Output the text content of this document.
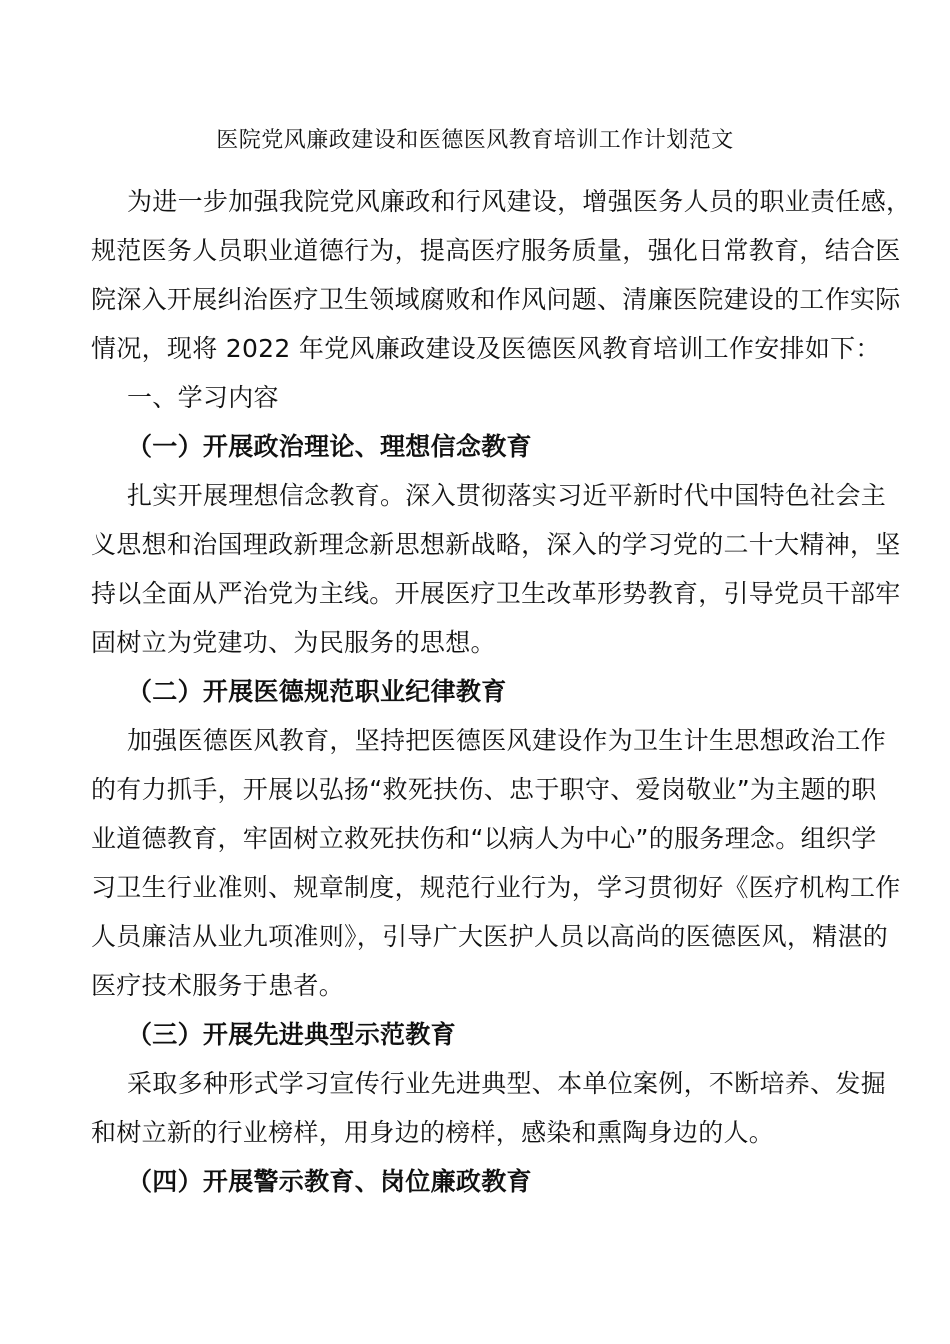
医院党风廉政建设和医德医风教育培训工作计划范文
为进一步加强我院党风廉政和行风建设，增强医务人员的职业责任感，
规范医务人员职业道德行为，提高医疗服务质量，强化日常教育，结合医
院深入开展纠治医疗卫生领域腐败和作风问题、清廉医院建设的工作实际
情况，现将 2022 年党风廉政建设及医德医风教育培训工作安排如下：
一、学习内容
（一）开展政治理论、理想信念教育
扎实开展理想信念教育。深入贯彻落实习近平新时代中国特色社会主
义思想和治国理政新理念新思想新战略，深入的学习党的二十大精神，坚
持以全面从严治党为主线。开展医疗卫生改革形势教育，引导党员干部牢
固树立为党建功、为民服务的思想。
（二）开展医德规范职业纪律教育
加强医德医风教育，坚持把医德医风建设作为卫生计生思想政治工作
的有力抓手，开展以弘扬“救死扶伤、忠于职守、爱岗敬业”为主题的职
业道德教育，牢固树立救死扶伤和“以病人为中心”的服务理念。组织学
习卫生行业准则、规章制度，规范行业行为，学习贯彻好《医疗机构工作
人员廉洁从业九项准则》，引导广大医护人员以高尚的医德医风，精湛的
医疗技术服务于患者。
（三）开展先进典型示范教育
采取多种形式学习宣传行业先进典型、本单位案例，不断培养、发掘
和树立新的行业榜样，用身边的榜样，感染和熏陶身边的人。
（四）开展警示教育、岗位廉政教育
